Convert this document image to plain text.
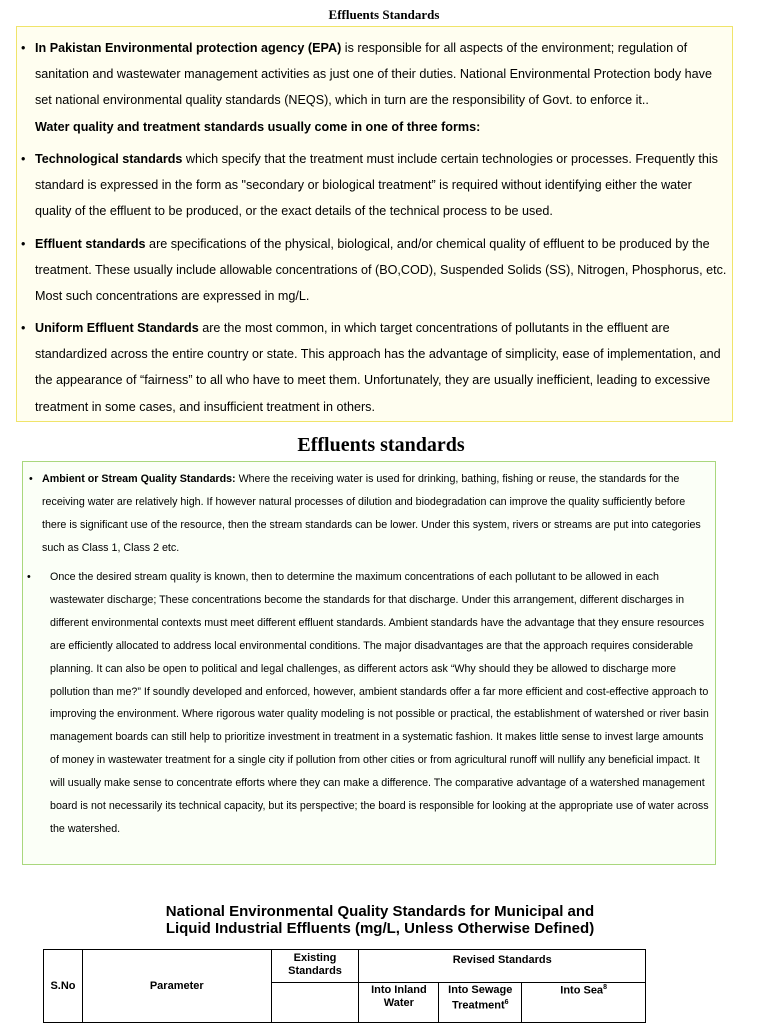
Effluents Standards
• In Pakistan Environmental protection agency (EPA) is responsible for all aspects of the environment; regulation of sanitation and wastewater management activities as just one of their duties. National Environmental Protection body have set national environmental quality standards (NEQS), which in turn are the responsibility of Govt. to enforce it..
Water quality and treatment standards usually come in one of three forms:
• Technological standards which specify that the treatment must include certain technologies or processes. Frequently this standard is expressed in the form as "secondary or biological treatment” is required without identifying either the water quality of the effluent to be produced, or the exact details of the technical process to be used.
• Effluent standards are specifications of the physical, biological, and/or chemical quality of effluent to be produced by the treatment. These usually include allowable concentrations of (BO,COD), Suspended Solids (SS), Nitrogen, Phosphorus, etc. Most such concentrations are expressed in mg/L.
• Uniform Effluent Standards are the most common, in which target concentrations of pollutants in the effluent are standardized across the entire country or state. This approach has the advantage of simplicity, ease of implementation, and the appearance of “fairness” to all who have to meet them. Unfortunately, they are usually inefficient, leading to excessive treatment in some cases, and insufficient treatment in others.
Effluents standards
• Ambient or Stream Quality Standards: Where the receiving water is used for drinking, bathing, fishing or reuse, the standards for the receiving water are relatively high. If however natural processes of dilution and biodegradation can improve the quality sufficiently before there is significant use of the resource, then the stream standards can be lower. Under this system, rivers or streams are put into categories such as Class 1, Class 2 etc.
• Once the desired stream quality is known, then to determine the maximum concentrations of each pollutant to be allowed in each wastewater discharge; These concentrations become the standards for that discharge. Under this arrangement, different discharges in different environmental contexts must meet different effluent standards. Ambient standards have the advantage that they ensure resources are efficiently allocated to address local environmental conditions. The major disadvantages are that the approach requires considerable planning. It can also be open to political and legal challenges, as different actors ask “Why should they be allowed to discharge more pollution than me?” If soundly developed and enforced, however, ambient standards offer a far more efficient and cost-effective approach to improving the environment. Where rigorous water quality modeling is not possible or practical, the establishment of watershed or river basin management boards can still help to prioritize investment in treatment in a systematic fashion. It makes little sense to invest large amounts of money in wastewater treatment for a single city if pollution from other cities or from agricultural runoff will nullify any beneficial impact. It will usually make sense to concentrate efforts where they can make a difference. The comparative advantage of a watershed management board is not necessarily its technical capacity, but its perspective; the board is responsible for looking at the appropriate use of water across the watershed.
National Environmental Quality Standards for Municipal and
Liquid Industrial Effluents (mg/L, Unless Otherwise Defined)
S.No	Parameter	Existing Standards	Revised Standards		
			Into Inland Water	Into Sewage Treatment$^6$	Into Sea$^8$
